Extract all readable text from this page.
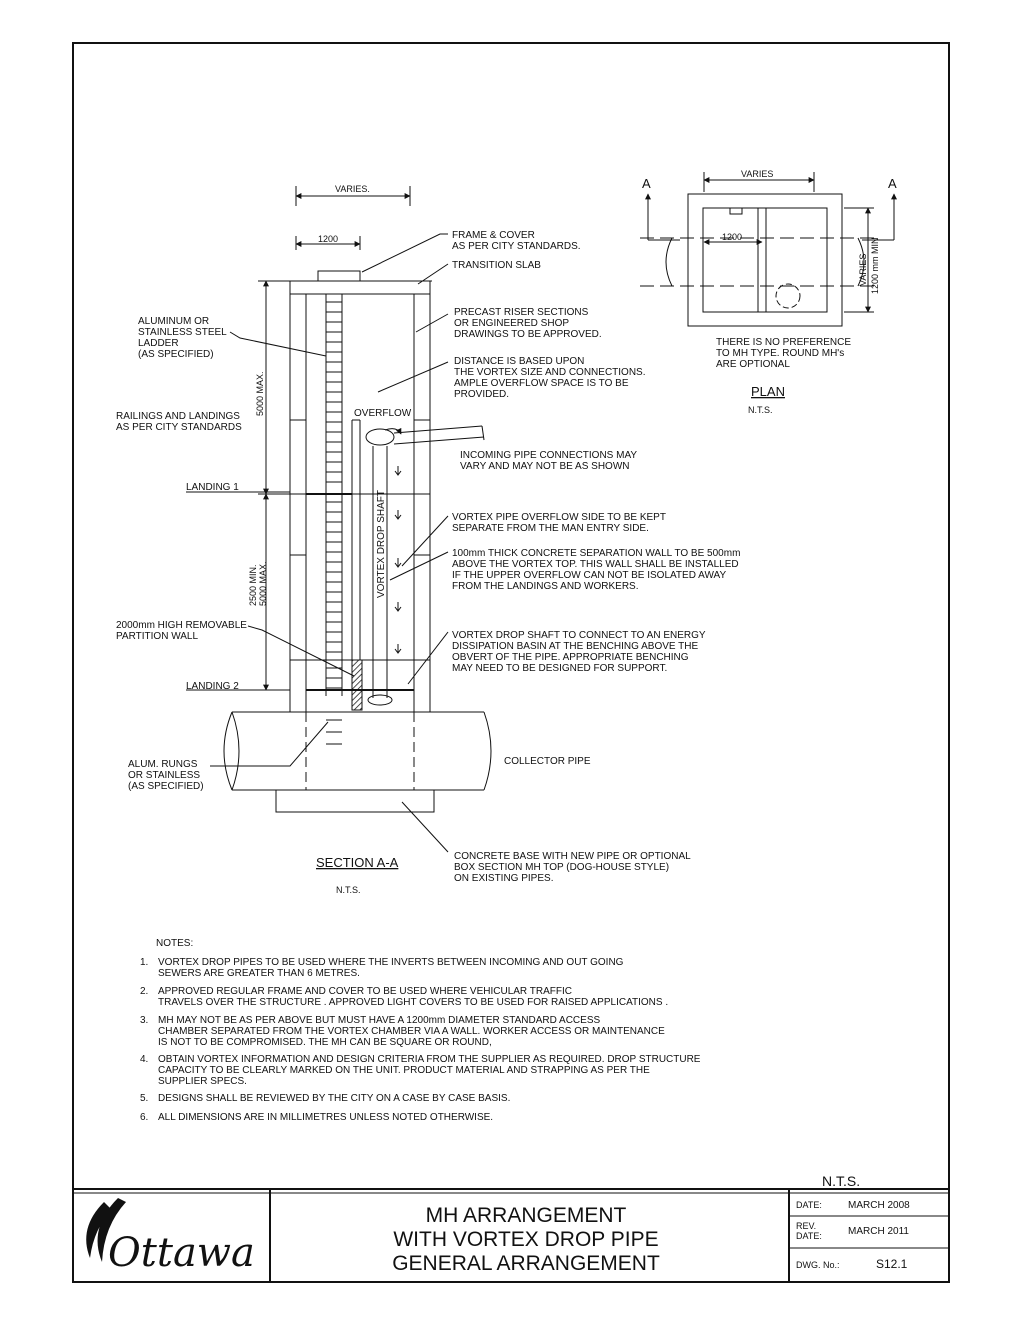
VARIES.
1200
5000 MAX.
2500 MIN. 5000 MAX.
FRAME & COVER AS PER CITY STANDARDS.
TRANSITION SLAB
ALUMINUM OR STAINLESS STEEL LADDER (AS SPECIFIED)
PRECAST RISER SECTIONS OR ENGINEERED SHOP DRAWINGS TO BE APPROVED.
DISTANCE IS BASED UPON THE VORTEX SIZE AND CONNECTIONS. AMPLE OVERFLOW SPACE IS TO BE PROVIDED.
RAILINGS AND LANDINGS AS PER CITY STANDARDS
OVERFLOW
INCOMING PIPE CONNECTIONS MAY VARY AND MAY NOT BE AS SHOWN
LANDING 1
VORTEX DROP SHAFT	VORTEX PIPE OVERFLOW SIDE TO BE KEPT SEPARATE FROM THE MAN ENTRY SIDE.
100mm THICK CONCRETE SEPARATION WALL TO BE 500mm ABOVE THE VORTEX TOP. THIS WALL SHALL BE INSTALLED IF THE UPPER OVERFLOW CAN NOT BE ISOLATED AWAY FROM THE LANDINGS AND WORKERS.
2000mm HIGH REMOVABLE PARTITION WALL	VORTEX DROP SHAFT TO CONNECT TO AN ENERGY DISSIPATION BASIN AT THE BENCHING ABOVE THE OBVERT OF THE PIPE. APPROPRIATE BENCHING MAY NEED TO BE DESIGNED FOR SUPPORT.
LANDING 2
ALUM. RUNGS OR STAINLESS (AS SPECIFIED)
COLLECTOR PIPE
CONCRETE BASE WITH NEW PIPE OR OPTIONAL BOX SECTION MH TOP (DOG-HOUSE STYLE) ON EXISTING PIPES.
SECTION A-A
N.T.S.
A	A
VARIES
1200
VARIES 1200 mm MIN
THERE IS NO PREFERENCE TO MH TYPE. ROUND MH's ARE OPTIONAL
PLAN
N.T.S.
NOTES:
1. VORTEX DROP PIPES TO BE USED WHERE THE INVERTS BETWEEN INCOMING AND OUT GOING SEWERS ARE GREATER THAN 6 METRES.
2. APPROVED REGULAR FRAME AND COVER TO BE USED WHERE VEHICULAR TRAFFIC TRAVELS OVER THE STRUCTURE . APPROVED LIGHT COVERS TO BE USED FOR RAISED APPLICATIONS .
3. MH MAY NOT BE AS PER ABOVE BUT MUST HAVE A 1200mm DIAMETER STANDARD ACCESS CHAMBER SEPARATED FROM THE VORTEX CHAMBER VIA A WALL. WORKER ACCESS OR MAINTENANCE IS NOT TO BE COMPROMISED. THE MH CAN BE SQUARE OR ROUND,
4. OBTAIN VORTEX INFORMATION AND DESIGN CRITERIA FROM THE SUPPLIER AS REQUIRED. DROP STRUCTURE CAPACITY TO BE CLEARLY MARKED ON THE UNIT. PRODUCT MATERIAL AND STRAPPING AS PER THE SUPPLIER SPECS.
5. DESIGNS SHALL BE REVIEWED BY THE CITY ON A CASE BY CASE BASIS.
6. ALL DIMENSIONS ARE IN MILLIMETRES UNLESS NOTED OTHERWISE.
N.T.S.
Ottawa
MH ARRANGEMENT WITH VORTEX DROP PIPE GENERAL ARRANGEMENT
DATE:	MARCH 2008
REV. DATE:	MARCH 2011
DWG. No.:	S12.1
